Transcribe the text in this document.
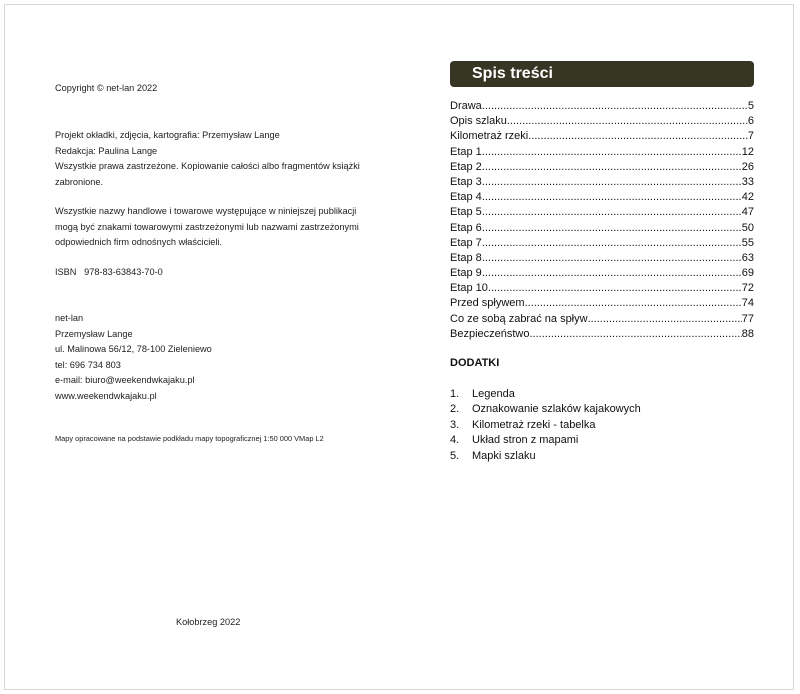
Copyright © net-lan 2022

Projekt okładki, zdjęcia, kartografia: Przemysław Lange

Redakcja: Paulina Lange

Wszystkie prawa zastrzeżone. Kopiowanie całości albo fragmentów książki

zabronione.

Wszystkie nazwy handlowe i towarowe występujące w niniejszej publikacji

mogą być znakami towarowymi zastrzeżonymi lub nazwami zastrzeżonymi

odpowiednich firm odnośnych właścicieli.

ISBN   978-83-63843-70-0

net-lan

Przemysław Lange

ul. Malinowa 56/12, 78-100 Zieleniewo

tel: 696 734 803

e-mail: biuro@weekendwkajaku.pl

www.weekendwkajaku.pl

Mapy opracowane na podstawie podkładu mapy topograficznej 1:50 000 VMap L2

Kołobrzeg 2022
Spis treści
Drawa .....	5
Opis szlaku .....	6
Kilometraż rzeki .....	7
Etap 1 .....	12
Etap 2 .....	26
Etap 3 .....	33
Etap 4 .....	42
Etap 5 .....	47
Etap 6 .....	50
Etap 7 .....	55
Etap 8 .....	63
Etap 9 .....	69
Etap 10 .....	72
Przed spływem .....	74
Co ze sobą zabrać na spływ .....	77
Bezpieczeństwo .....	88
DODATKI
1.	Legenda
2.	Oznakowanie szlaków kajakowych
3.	Kilometraż rzeki - tabelka
4.	Układ stron z mapami
5.	Mapki szlaku
